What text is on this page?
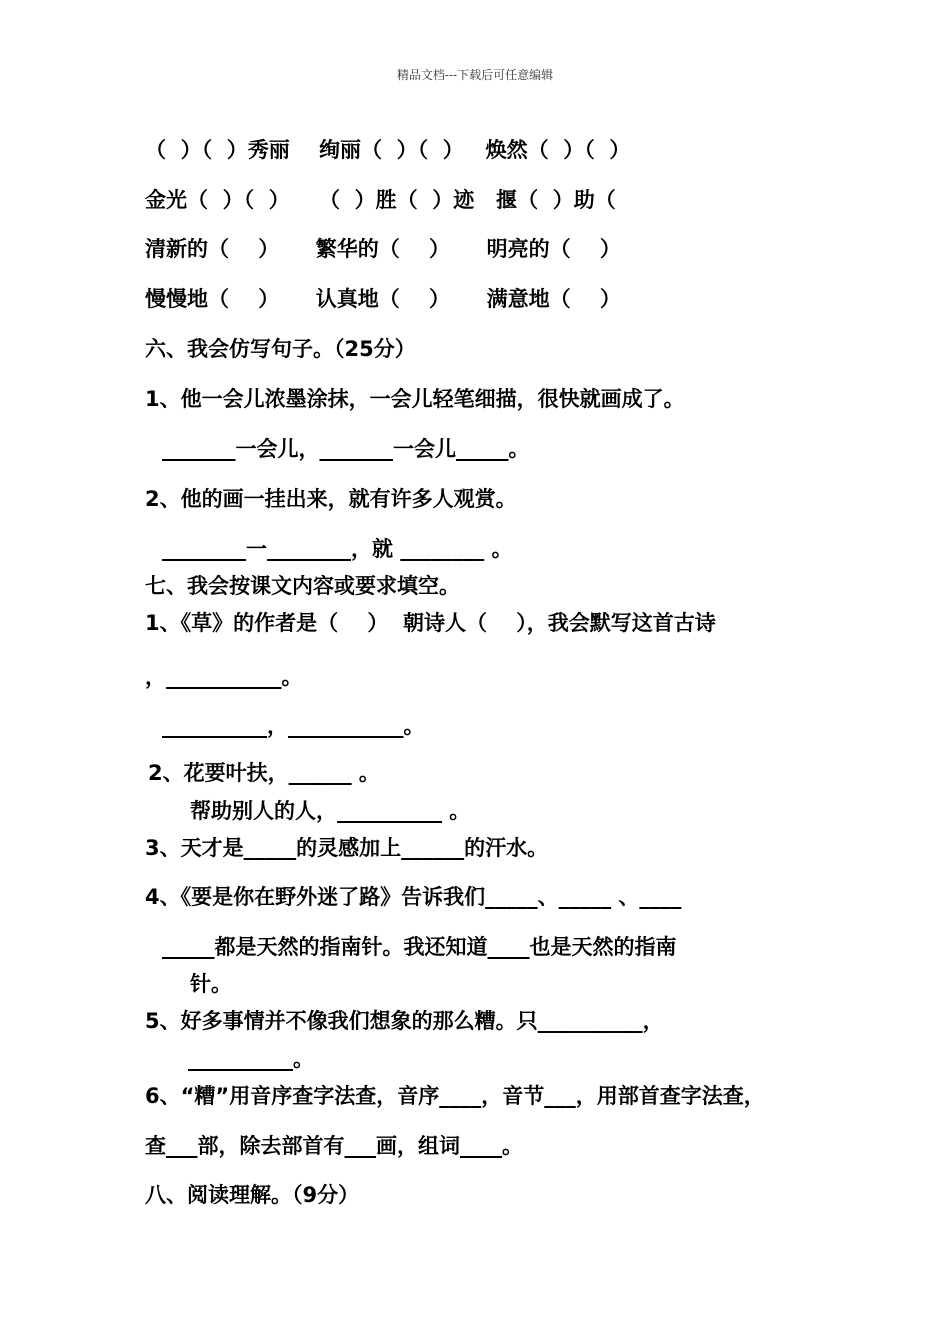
精品文档---下载后可任意编辑
（  ）（  ）秀丽    绚丽（  ）（  ）   焕然（  ）（  ）
金光（  ）（  ）    （  ）胜（  ）迹   揠（  ）助（
清新的（    ）     繁华的（    ）     明亮的（    ）
慢慢地（    ）     认真地（    ）     满意地（    ）
六、我会仿写句子。（25分）
1、他一会儿浓墨涂抹，一会儿轻笔细描，很快就画成了。
_______一会儿，_______一会儿_____。
2、他的画一挂出来，就有许多人观赏。
________一________，就 ________ 。
七、我会按课文内容或要求填空。
1、《草》的作者是（    ）  朝诗人（    ），我会默写这首古诗
，___________。
__________，___________。
2、花要叶扶，______ 。
帮助别人的人，__________ 。
3、天才是_____的灵感加上______的汗水。
4、《要是你在野外迷了路》告诉我们_____、_____ 、____
_____都是天然的指南针。我还知道____也是天然的指南
针。
5、好多事情并不像我们想象的那么糟。只__________，
__________。
6、“糟”用音序查字法查，音序____，音节___，用部首查字法查，
查___部，除去部首有___画，组词____。
八、阅读理解。（9分）
